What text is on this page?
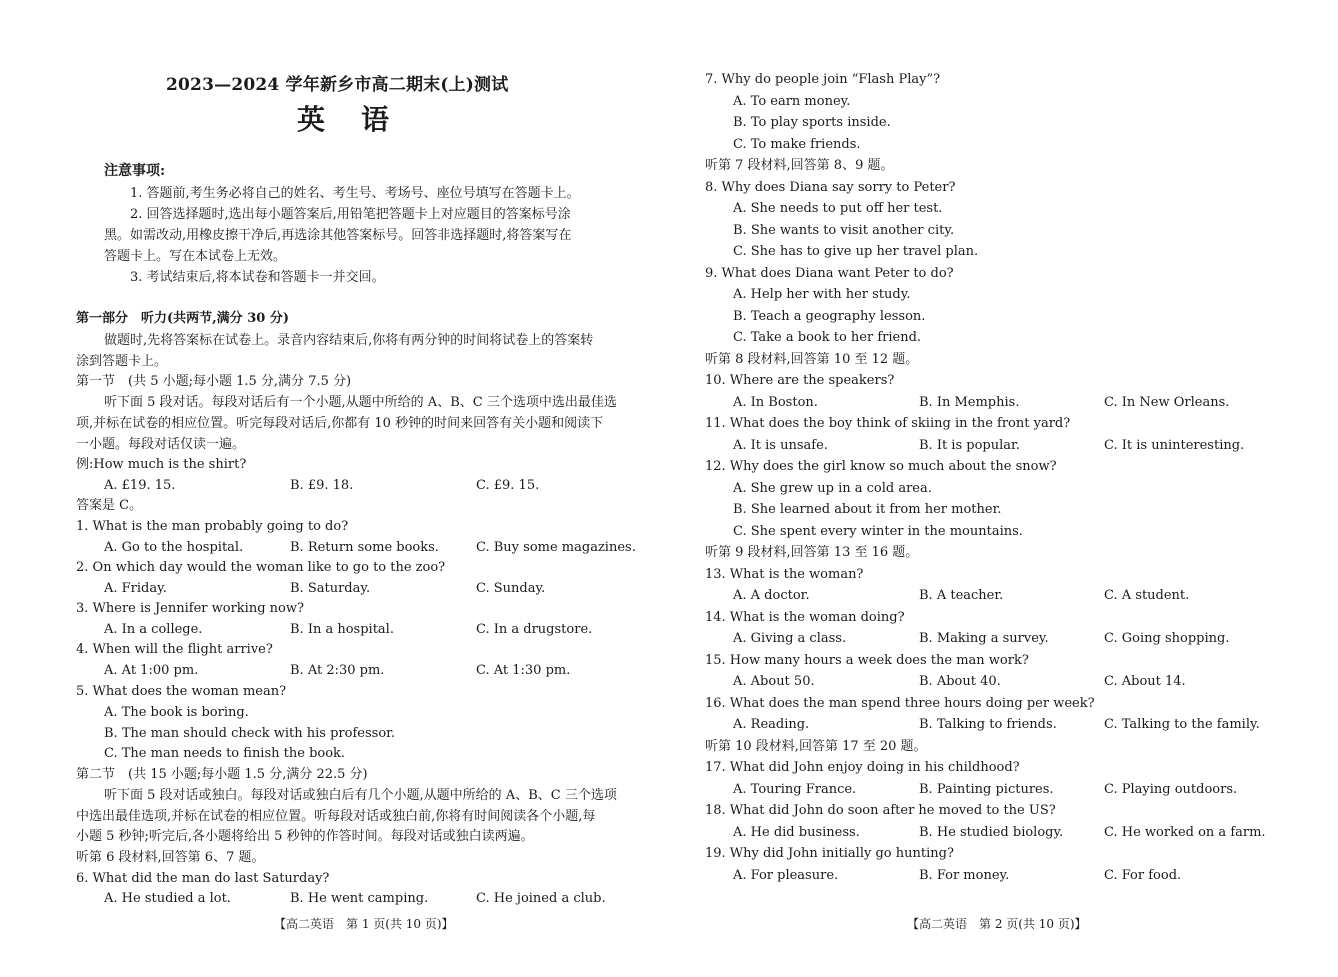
2023—2024 学年新乡市高二期末(上)测试
英语
注意事项:
1. 答题前,考生务必将自己的姓名、考生号、考场号、座位号填写在答题卡上。
2. 回答选择题时,选出每小题答案后,用铅笔把答题卡上对应题目的答案标号涂
黑。如需改动,用橡皮擦干净后,再选涂其他答案标号。回答非选择题时,将答案写在
答题卡上。写在本试卷上无效。
3. 考试结束后,将本试卷和答题卡一并交回。
第一部分　听力(共两节,满分 30 分)
做题时,先将答案标在试卷上。录音内容结束后,你将有两分钟的时间将试卷上的答案转
涂到答题卡上。
第一节　(共 5 小题;每小题 1.5 分,满分 7.5 分)
听下面 5 段对话。每段对话后有一个小题,从题中所给的 A、B、C 三个选项中选出最佳选
项,并标在试卷的相应位置。听完每段对话后,你都有 10 秒钟的时间来回答有关小题和阅读下
一小题。每段对话仅读一遍。
例:How much is the shirt?
A. £19. 15.	B. £9. 18.	C. £9. 15.
答案是 C。
1. What is the man probably going to do?
A. Go to the hospital.	B. Return some books.	C. Buy some magazines.
2. On which day would the woman like to go to the zoo?
A. Friday.	B. Saturday.	C. Sunday.
3. Where is Jennifer working now?
A. In a college.	B. In a hospital.	C. In a drugstore.
4. When will the flight arrive?
A. At 1:00 pm.	B. At 2:30 pm.	C. At 1:30 pm.
5. What does the woman mean?
A. The book is boring.
B. The man should check with his professor.
C. The man needs to finish the book.
第二节　(共 15 小题;每小题 1.5 分,满分 22.5 分)
听下面 5 段对话或独白。每段对话或独白后有几个小题,从题中所给的 A、B、C 三个选项
中选出最佳选项,并标在试卷的相应位置。听每段对话或独白前,你将有时间阅读各个小题,每
小题 5 秒钟;听完后,各小题将给出 5 秒钟的作答时间。每段对话或独白读两遍。
听第 6 段材料,回答第 6、7 题。
6. What did the man do last Saturday?
A. He studied a lot.	B. He went camping.	C. He joined a club.
【高二英语　第 1 页(共 10 页)】
7. Why do people join “Flash Play”?
A. To earn money.
B. To play sports inside.
C. To make friends.
听第 7 段材料,回答第 8、9 题。
8. Why does Diana say sorry to Peter?
A. She needs to put off her test.
B. She wants to visit another city.
C. She has to give up her travel plan.
9. What does Diana want Peter to do?
A. Help her with her study.
B. Teach a geography lesson.
C. Take a book to her friend.
听第 8 段材料,回答第 10 至 12 题。
10. Where are the speakers?
A. In Boston.	B. In Memphis.	C. In New Orleans.
11. What does the boy think of skiing in the front yard?
A. It is unsafe.	B. It is popular.	C. It is uninteresting.
12. Why does the girl know so much about the snow?
A. She grew up in a cold area.
B. She learned about it from her mother.
C. She spent every winter in the mountains.
听第 9 段材料,回答第 13 至 16 题。
13. What is the woman?
A. A doctor.	B. A teacher.	C. A student.
14. What is the woman doing?
A. Giving a class.	B. Making a survey.	C. Going shopping.
15. How many hours a week does the man work?
A. About 50.	B. About 40.	C. About 14.
16. What does the man spend three hours doing per week?
A. Reading.	B. Talking to friends.	C. Talking to the family.
听第 10 段材料,回答第 17 至 20 题。
17. What did John enjoy doing in his childhood?
A. Touring France.	B. Painting pictures.	C. Playing outdoors.
18. What did John do soon after he moved to the US?
A. He did business.	B. He studied biology.	C. He worked on a farm.
19. Why did John initially go hunting?
A. For pleasure.	B. For money.	C. For food.
【高二英语　第 2 页(共 10 页)】
